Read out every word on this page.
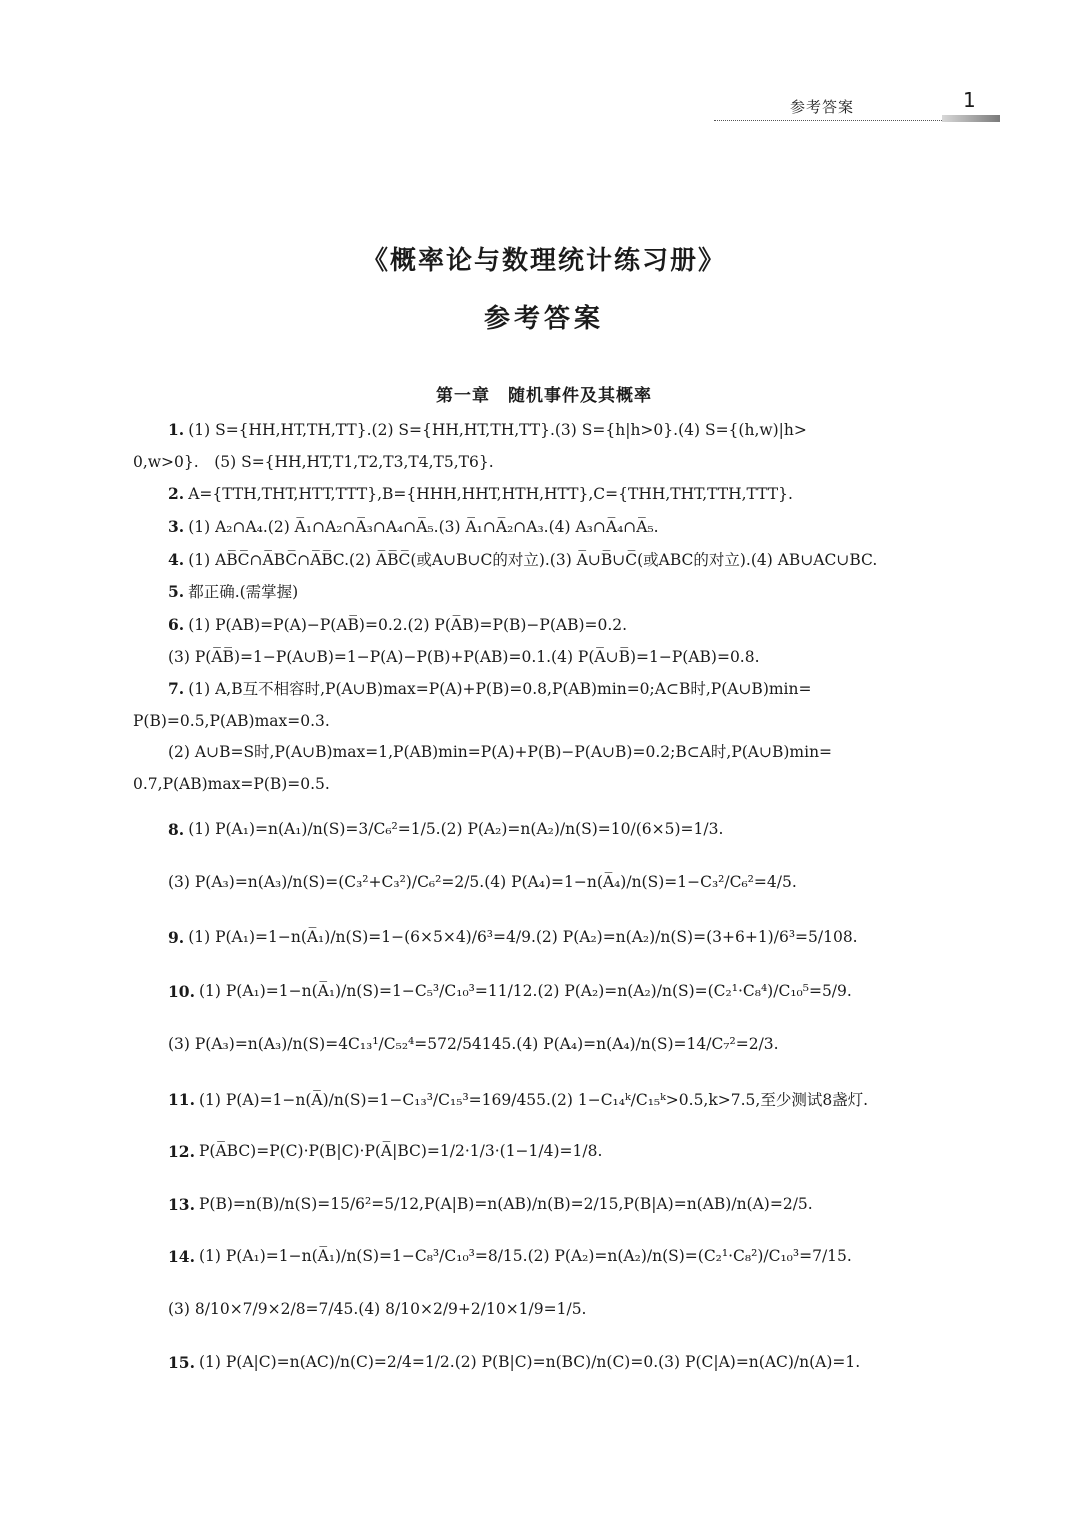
参考答案	1
《概率论与数理统计练习册》
参考答案
第一章　随机事件及其概率
1. (1) S={HH,HT,TH,TT}.(2) S={HH,HT,TH,TT}.(3) S={h|h>0}.(4) S={(h,w)|h>
0,w>0}.　(5) S={HH,HT,T1,T2,T3,T4,T5,T6}.
2. A={TTH,THT,HTT,TTT},B={HHH,HHT,HTH,HTT},C={THH,THT,TTH,TTT}.
3. (1) A₂∩A₄.(2) A̅₁∩A₂∩A̅₃∩A₄∩A̅₅.(3) A̅₁∩A̅₂∩A₃.(4) A₃∩A̅₄∩A̅₅.
4. (1) AB̅C̅∩A̅BC̅∩A̅B̅C.(2) A̅B̅C̅(或A∪B∪C的对立).(3) A̅∪B̅∪C̅(或ABC的对立).(4) AB∪AC∪BC.
5. 都正确.(需掌握)
6. (1) P(AB)=P(A)−P(AB̅)=0.2.(2) P(A̅B)=P(B)−P(AB)=0.2.
(3) P(A̅B̅)=1−P(A∪B)=1−P(A)−P(B)+P(AB)=0.1.(4) P(A̅∪B̅)=1−P(AB)=0.8.
7. (1) A,B互不相容时,P(A∪B)max=P(A)+P(B)=0.8,P(AB)min=0;A⊂B时,P(A∪B)min=
P(B)=0.5,P(AB)max=0.3.
(2) A∪B=S时,P(A∪B)max=1,P(AB)min=P(A)+P(B)−P(A∪B)=0.2;B⊂A时,P(A∪B)min=
0.7,P(AB)max=P(B)=0.5.
8. (1) P(A₁)=n(A₁)/n(S)=3/C₆²=1/5.(2) P(A₂)=n(A₂)/n(S)=10/(6×5)=1/3.
(3) P(A₃)=n(A₃)/n(S)=(C₃²+C₃²)/C₆²=2/5.(4) P(A₄)=1−n(A̅₄)/n(S)=1−C₃²/C₆²=4/5.
9. (1) P(A₁)=1−n(A̅₁)/n(S)=1−(6×5×4)/6³=4/9.(2) P(A₂)=n(A₂)/n(S)=(3+6+1)/6³=5/108.
10. (1) P(A₁)=1−n(A̅₁)/n(S)=1−C₅³/C₁₀³=11/12.(2) P(A₂)=n(A₂)/n(S)=(C₂¹·C₈⁴)/C₁₀⁵=5/9.
(3) P(A₃)=n(A₃)/n(S)=4C₁₃¹/C₅₂⁴=572/54145.(4) P(A₄)=n(A₄)/n(S)=14/C₇²=2/3.
11. (1) P(A)=1−n(A̅)/n(S)=1−C₁₃³/C₁₅³=169/455.(2) 1−C₁₄ᵏ/C₁₅ᵏ>0.5,k>7.5,至少测试8盏灯.
12. P(A̅BC)=P(C)·P(B|C)·P(A̅|BC)=1/2·1/3·(1−1/4)=1/8.
13. P(B)=n(B)/n(S)=15/6²=5/12,P(A|B)=n(AB)/n(B)=2/15,P(B|A)=n(AB)/n(A)=2/5.
14. (1) P(A₁)=1−n(A̅₁)/n(S)=1−C₈³/C₁₀³=8/15.(2) P(A₂)=n(A₂)/n(S)=(C₂¹·C₈²)/C₁₀³=7/15.
(3) 8/10×7/9×2/8=7/45.(4) 8/10×2/9+2/10×1/9=1/5.
15. (1) P(A|C)=n(AC)/n(C)=2/4=1/2.(2) P(B|C)=n(BC)/n(C)=0.(3) P(C|A)=n(AC)/n(A)=1.
